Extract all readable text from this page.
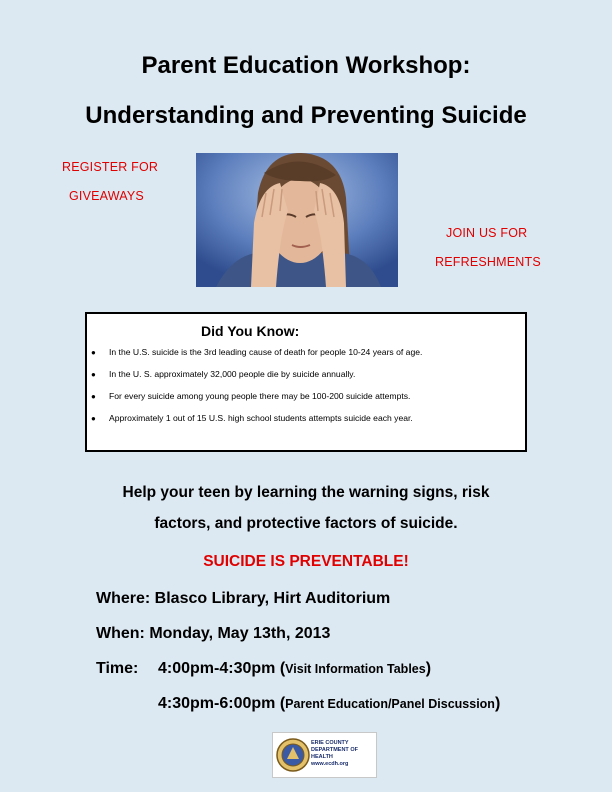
Parent Education Workshop:
Understanding and Preventing Suicide
REGISTER FOR
GIVEAWAYS
JOIN US FOR
REFRESHMENTS
Did You Know:
● In the U.S. suicide is the 3rd leading cause of death for people 10-24 years of age.
● In the U. S. approximately 32,000 people die by suicide annually.
● For every suicide among young people there may be 100-200 suicide attempts.
● Approximately 1 out of 15 U.S. high school students attempts suicide each year.
Help your teen by learning the warning signs, risk
factors, and protective factors of suicide.
SUICIDE IS PREVENTABLE!
Where: Blasco Library, Hirt Auditorium
When: Monday, May 13th, 2013
Time: 4:00pm-4:30pm (Visit Information Tables)
4:30pm-6:00pm (Parent Education/Panel Discussion)
ERIE COUNTY
DEPARTMENT OF HEALTH
www.ecdh.org
